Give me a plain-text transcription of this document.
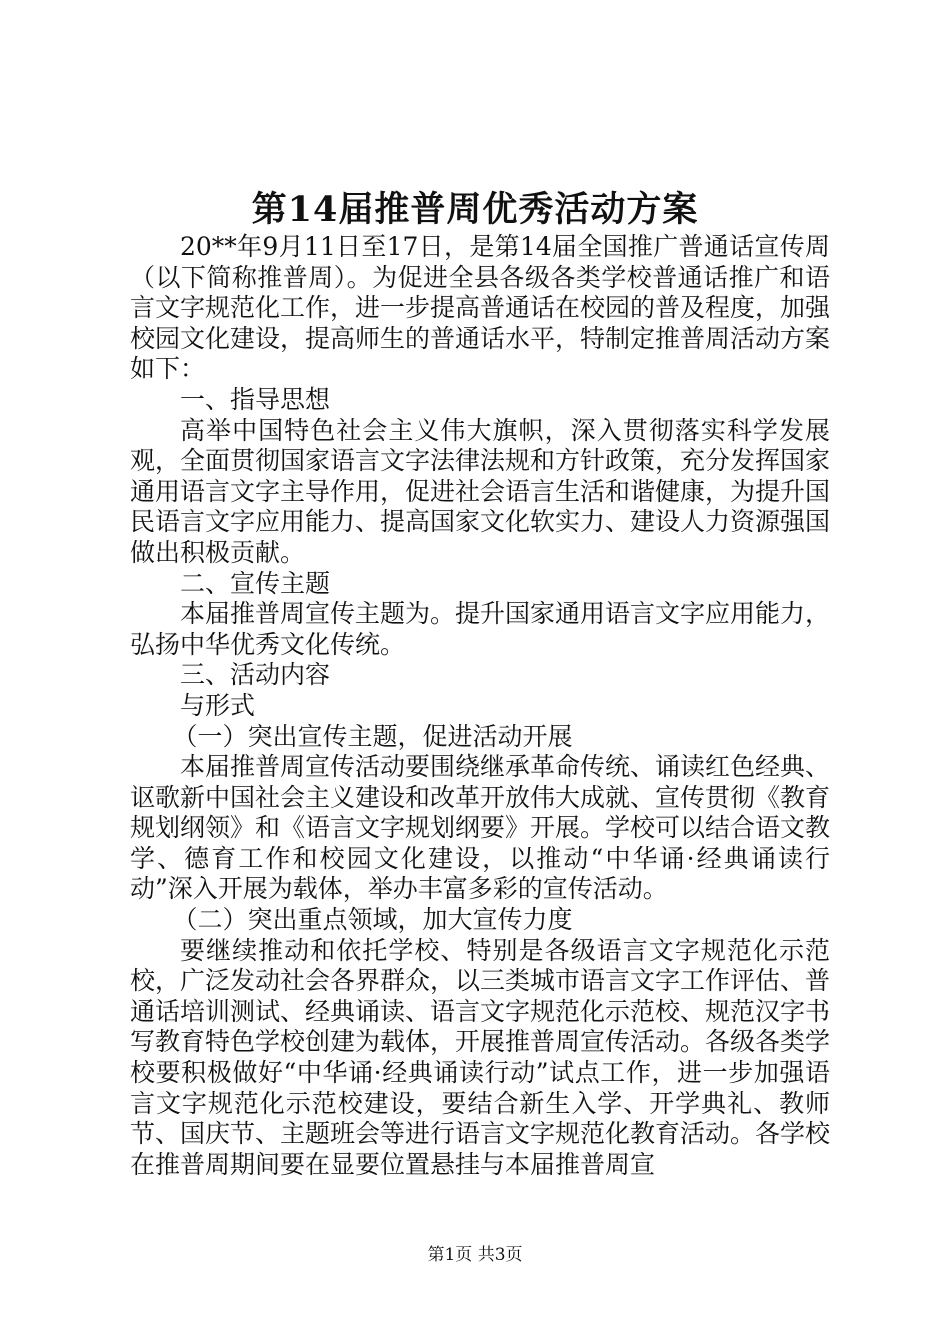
第14届推普周优秀活动方案

20**年9月11日至17日，是第14届全国推广普通话宣传周（以下简称推普周）。为促进全县各级各类学校普通话推广和语言文字规范化工作，进一步提高普通话在校园的普及程度，加强校园文化建设，提高师生的普通话水平，特制定推普周活动方案如下：

一、指导思想

高举中国特色社会主义伟大旗帜，深入贯彻落实科学发展观，全面贯彻国家语言文字法律法规和方针政策，充分发挥国家通用语言文字主导作用，促进社会语言生活和谐健康，为提升国民语言文字应用能力、提高国家文化软实力、建设人力资源强国做出积极贡献。

二、宣传主题

本届推普周宣传主题为。提升国家通用语言文字应用能力，弘扬中华优秀文化传统。

三、活动内容

与形式

（一）突出宣传主题，促进活动开展

本届推普周宣传活动要围绕继承革命传统、诵读红色经典、讴歌新中国社会主义建设和改革开放伟大成就、宣传贯彻《教育规划纲领》和《语言文字规划纲要》开展。学校可以结合语文教学、德育工作和校园文化建设，以推动“中华诵·经典诵读行动”深入开展为载体，举办丰富多彩的宣传活动。

（二）突出重点领域，加大宣传力度

要继续推动和依托学校、特别是各级语言文字规范化示范校，广泛发动社会各界群众，以三类城市语言文字工作评估、普通话培训测试、经典诵读、语言文字规范化示范校、规范汉字书写教育特色学校创建为载体，开展推普周宣传活动。各级各类学校要积极做好“中华诵·经典诵读行动”试点工作，进一步加强语言文字规范化示范校建设，要结合新生入学、开学典礼、教师节、国庆节、主题班会等进行语言文字规范化教育活动。各学校在推普周期间要在显要位置悬挂与本届推普周宣

第1页 共3页
